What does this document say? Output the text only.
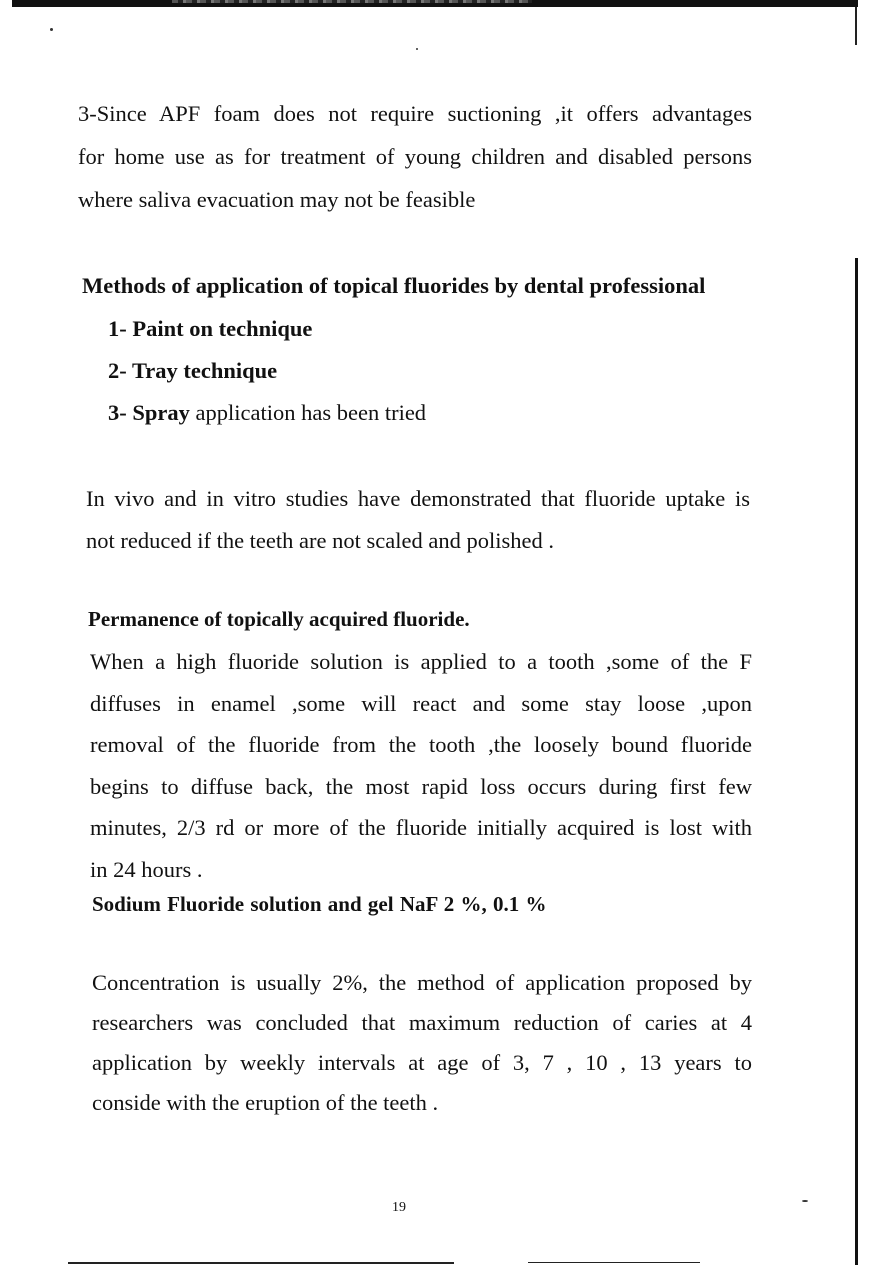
3-Since APF foam does not require suctioning ,it offers advantages
for home use as for treatment of young children and disabled persons
where saliva evacuation may not be feasible
Methods of application of topical fluorides by dental professional
1- Paint on technique
2- Tray technique
3- Spray application has been tried
In vivo and in vitro studies have demonstrated that fluoride uptake is
not reduced if the teeth are not scaled and polished .
Permanence of topically acquired fluoride.
When a high fluoride solution is applied to a tooth ,some of the F
diffuses in enamel ,some will react and some stay loose ,upon
removal of the fluoride from the tooth ,the loosely bound fluoride
begins to diffuse back, the most rapid loss occurs during first few
minutes, 2/3 rd or more of the fluoride initially acquired is lost with
in 24 hours .
Sodium Fluoride solution and gel NaF 2 %, 0.1 %
Concentration is usually 2%, the method of application proposed by
researchers was concluded that maximum reduction of caries at 4
application by weekly intervals at age of 3, 7 , 10 , 13 years to
conside with the eruption of the teeth .
19
